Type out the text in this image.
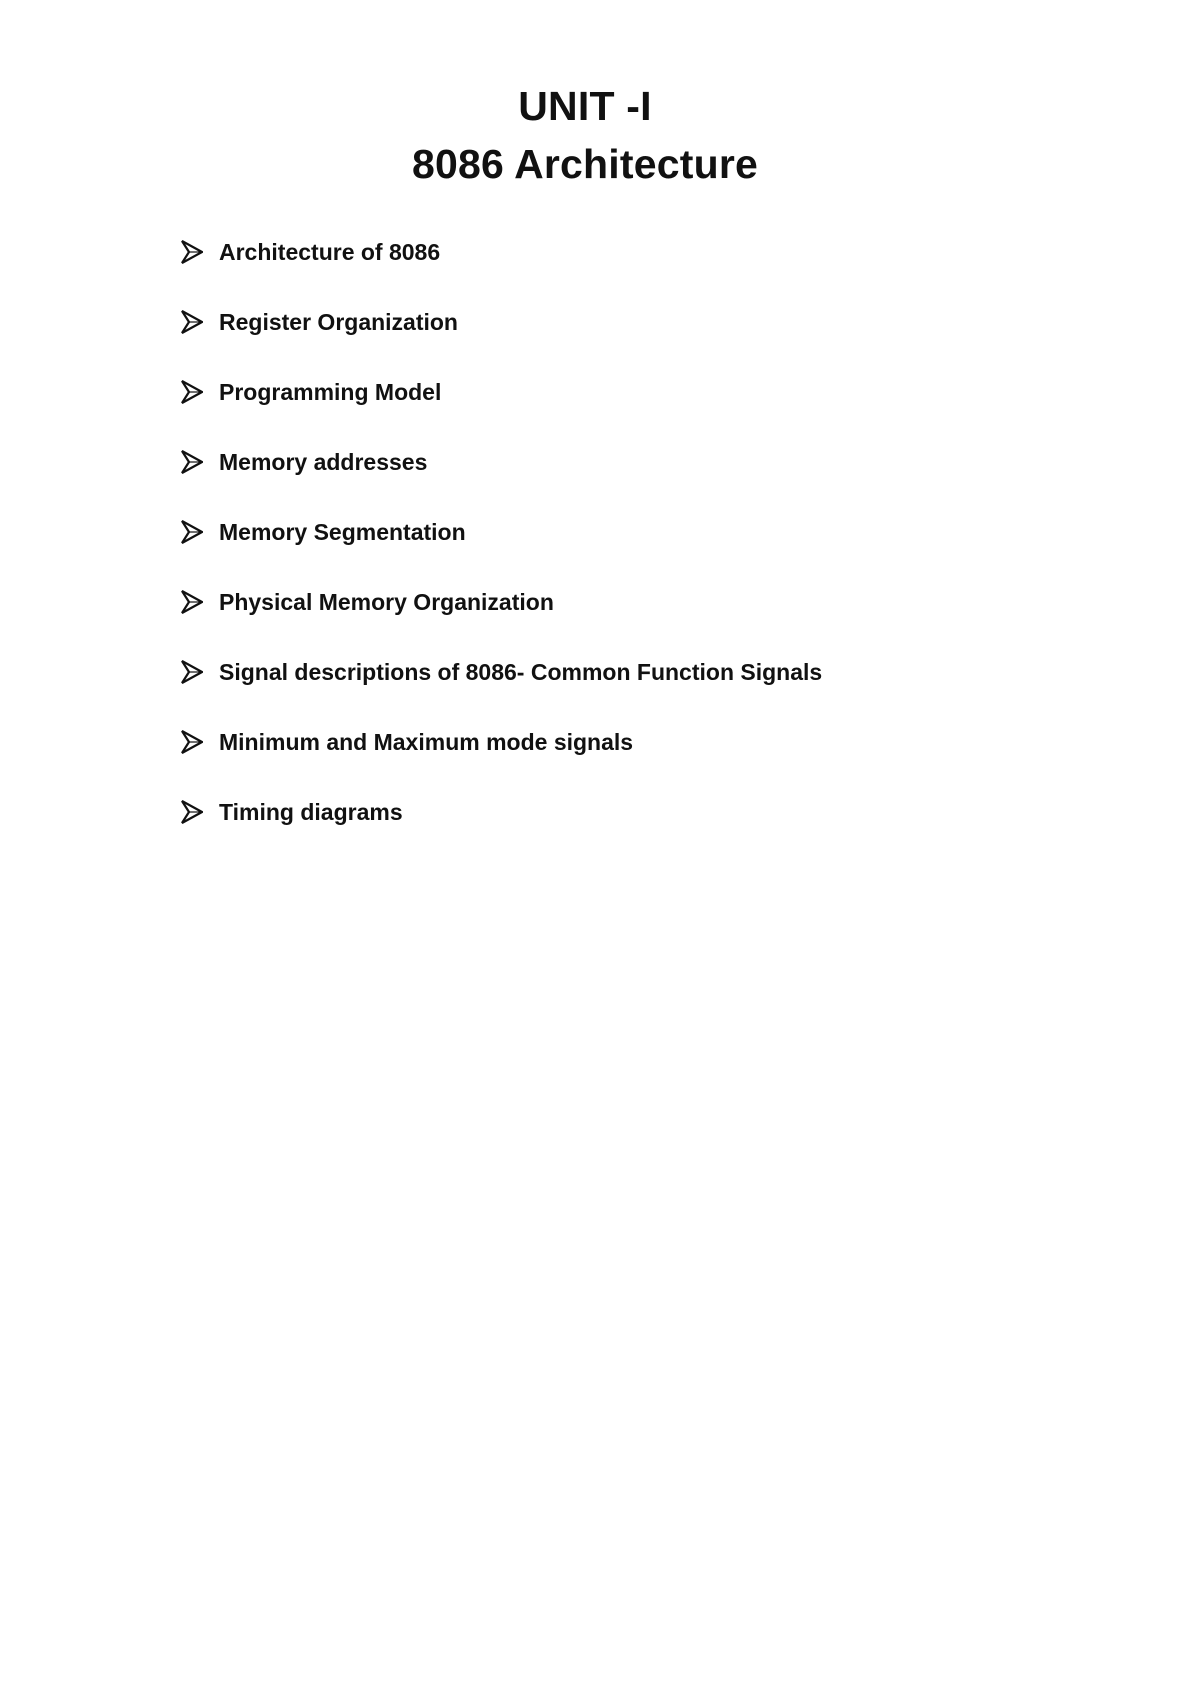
UNIT -I
8086 Architecture
Architecture of 8086
Register Organization
Programming Model
Memory addresses
Memory Segmentation
Physical Memory Organization
Signal descriptions of 8086- Common Function Signals
Minimum and Maximum mode signals
Timing diagrams
